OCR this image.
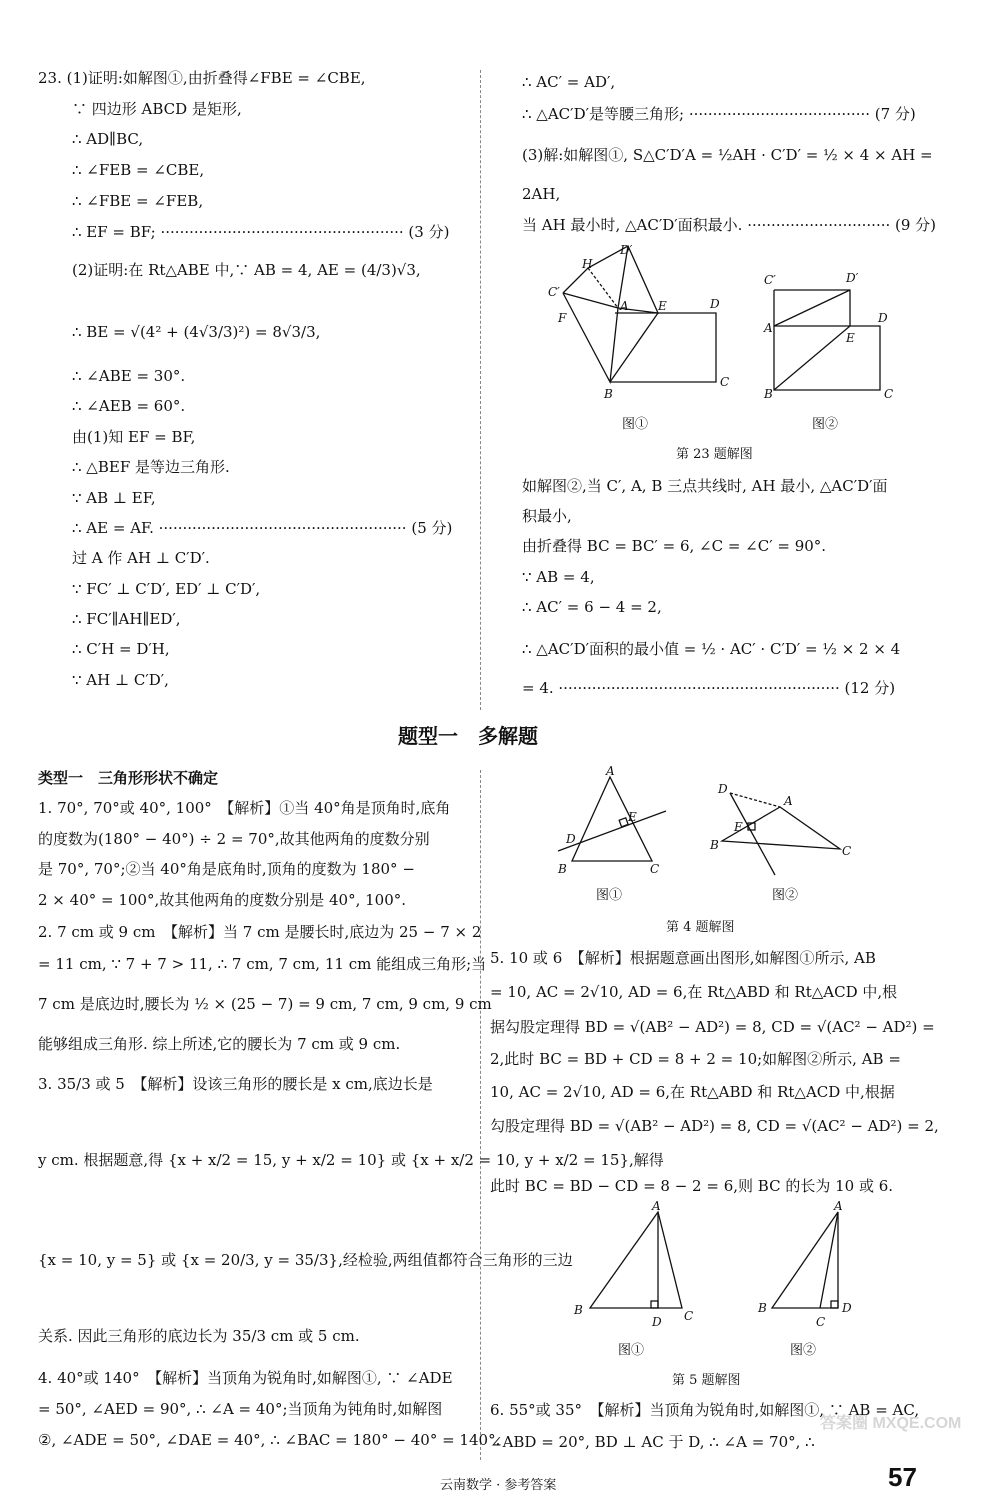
23. (1)证明:如解图①,由折叠得∠FBE = ∠CBE,
∵ 四边形 ABCD 是矩形,
∴ AD∥BC,
∴ ∠FEB = ∠CBE,
∴ ∠FBE = ∠FEB,
∴ EF = BF; ··················································· (3 分)
(2)证明:在 Rt△ABE 中,∵ AB = 4, AE = (4/3)√3,
∴ BE = √(4² + (4√3/3)²) = 8√3/3,
∴ ∠ABE = 30°.
∴ ∠AEB = 60°.
由(1)知 EF = BF,
∴ △BEF 是等边三角形.
∵ AB ⊥ EF,
∴ AE = AF. ···················································· (5 分)
过 A 作 AH ⊥ C′D′.
∵ FC′ ⊥ C′D′, ED′ ⊥ C′D′,
∴ FC′∥AH∥ED′,
∴ C′H = D′H,
∵ AH ⊥ C′D′,
∴ AC′ = AD′,
∴ △AC′D′是等腰三角形; ······································ (7 分)
(3)解:如解图①, S△C′D′A = ½AH · C′D′ = ½ × 4 × AH =
2AH,
当 AH 最小时, △AC′D′面积最小. ······························ (9 分)
D′
H
C′
A E	D
F
B
C
C′	D′
A
D
E
B	C
图①	图②
第 23 题解图
如解图②,当 C′, A, B 三点共线时, AH 最小, △AC′D′面
积最小,
由折叠得 BC = BC′ = 6, ∠C = ∠C′ = 90°.
∵ AB = 4,
∴ AC′ = 6 − 4 = 2,
∴ △AC′D′面积的最小值 = ½ · AC′ · C′D′ = ½ × 2 × 4
= 4. ··························································· (12 分)
题型一　多解题
类型一　三角形形状不确定
1. 70°, 70°或 40°, 100°　【解析】①当 40°角是顶角时,底角
的度数为(180° − 40°) ÷ 2 = 70°,故其他两角的度数分别
是 70°, 70°;②当 40°角是底角时,顶角的度数为 180° −
2 × 40° = 100°,故其他两角的度数分别是 40°, 100°.
2. 7 cm 或 9 cm　【解析】当 7 cm 是腰长时,底边为 25 − 7 × 2
= 11 cm, ∵ 7 + 7 > 11, ∴ 7 cm, 7 cm, 11 cm 能组成三角形;当
7 cm 是底边时,腰长为 ½ × (25 − 7) = 9 cm, 7 cm, 9 cm, 9 cm
能够组成三角形. 综上所述,它的腰长为 7 cm 或 9 cm.
3. 35/3 或 5　【解析】设该三角形的腰长是 x cm,底边长是
y cm. 根据题意,得 {x + x/2 = 15, y + x/2 = 10} 或 {x + x/2 = 10, y + x/2 = 15},解得
{x = 10, y = 5} 或 {x = 20/3, y = 35/3},经检验,两组值都符合三角形的三边
关系. 因此三角形的底边长为 35/3 cm 或 5 cm.
4. 40°或 140°　【解析】当顶角为锐角时,如解图①, ∵ ∠ADE
= 50°, ∠AED = 90°, ∴ ∠A = 40°;当顶角为钝角时,如解图
②, ∠ADE = 50°, ∠DAE = 40°, ∴ ∠BAC = 180° − 40° = 140°.
A
E
D
B	C
D
A
E
B	C
图①	图②
第 4 题解图
5. 10 或 6　【解析】根据题意画出图形,如解图①所示, AB
= 10, AC = 2√10, AD = 6,在 Rt△ABD 和 Rt△ACD 中,根
据勾股定理得 BD = √(AB² − AD²) = 8, CD = √(AC² − AD²) =
2,此时 BC = BD + CD = 8 + 2 = 10;如解图②所示, AB =
10, AC = 2√10, AD = 6,在 Rt△ABD 和 Rt△ACD 中,根据
勾股定理得 BD = √(AB² − AD²) = 8, CD = √(AC² − AD²) = 2,
此时 BC = BD − CD = 8 − 2 = 6,则 BC 的长为 10 或 6.
A
B
D C
A
B	D
C
图①	图②
第 5 题解图
6. 55°或 35°　【解析】当顶角为锐角时,如解图①, ∵ AB = AC,
∠ABD = 20°, BD ⊥ AC 于 D, ∴ ∠A = 70°, ∴
云南数学 · 参考答案	57
答案圈 MXQE.COM
